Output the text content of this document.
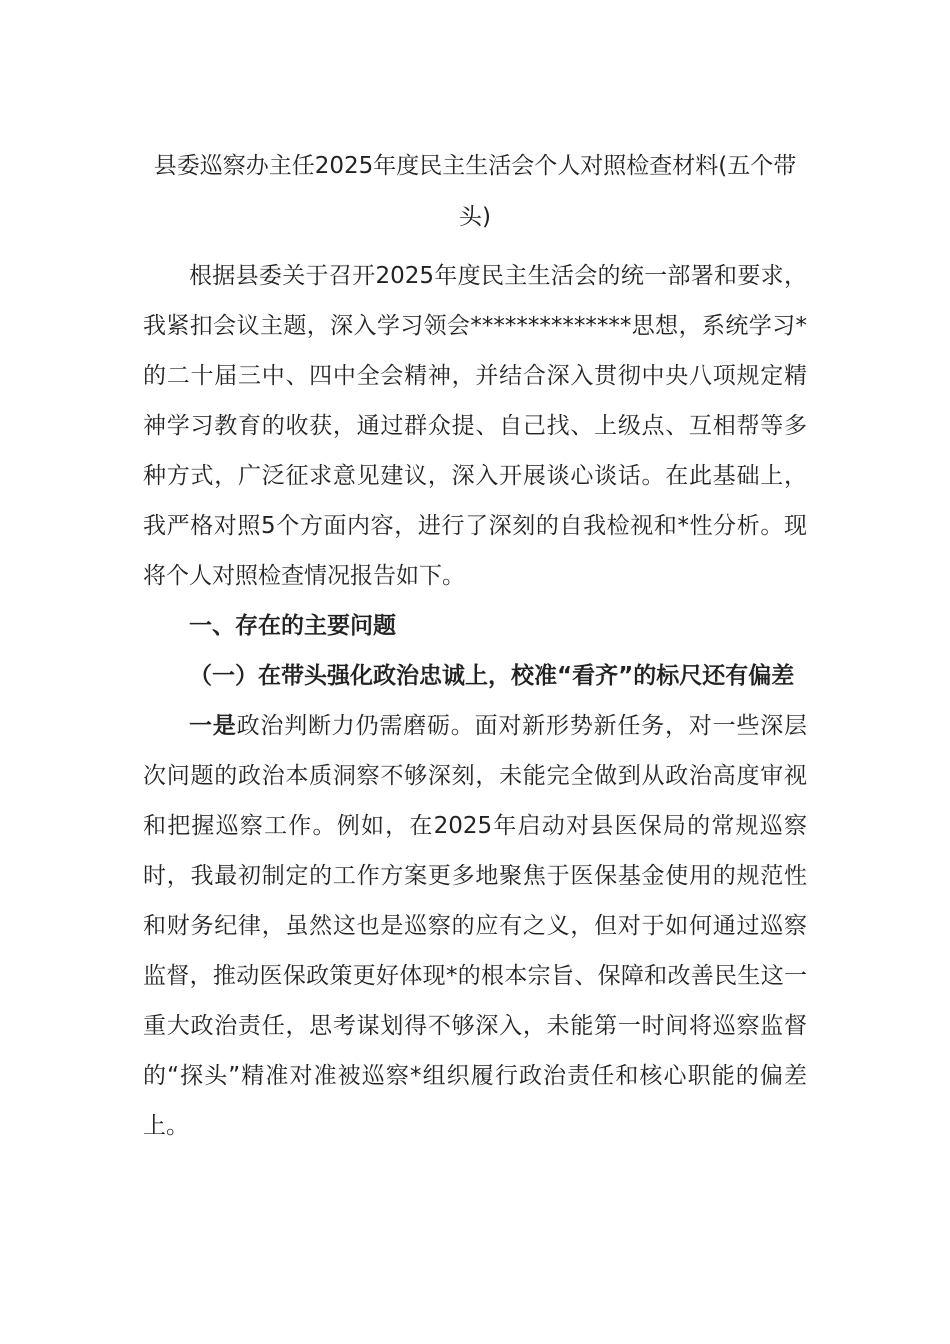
县委巡察办主任2025年度民主生活会个人对照检查材料(五个带头)

根据县委关于召开2025年度民主生活会的统一部署和要求，我紧扣会议主题，深入学习领会**************思想，系统学习*的二十届三中、四中全会精神，并结合深入贯彻中央八项规定精神学习教育的收获，通过群众提、自己找、上级点、互相帮等多种方式，广泛征求意见建议，深入开展谈心谈话。在此基础上，我严格对照5个方面内容，进行了深刻的自我检视和*性分析。现将个人对照检查情况报告如下。

一、存在的主要问题

（一）在带头强化政治忠诚上，校准“看齐”的标尺还有偏差

一是政治判断力仍需磨砺。面对新形势新任务，对一些深层次问题的政治本质洞察不够深刻，未能完全做到从政治高度审视和把握巡察工作。例如，在2025年启动对县医保局的常规巡察时，我最初制定的工作方案更多地聚焦于医保基金使用的规范性和财务纪律，虽然这也是巡察的应有之义，但对于如何通过巡察监督，推动医保政策更好体现*的根本宗旨、保障和改善民生这一重大政治责任，思考谋划得不够深入，未能第一时间将巡察监督的“探头”精准对准被巡察*组织履行政治责任和核心职能的偏差上。
